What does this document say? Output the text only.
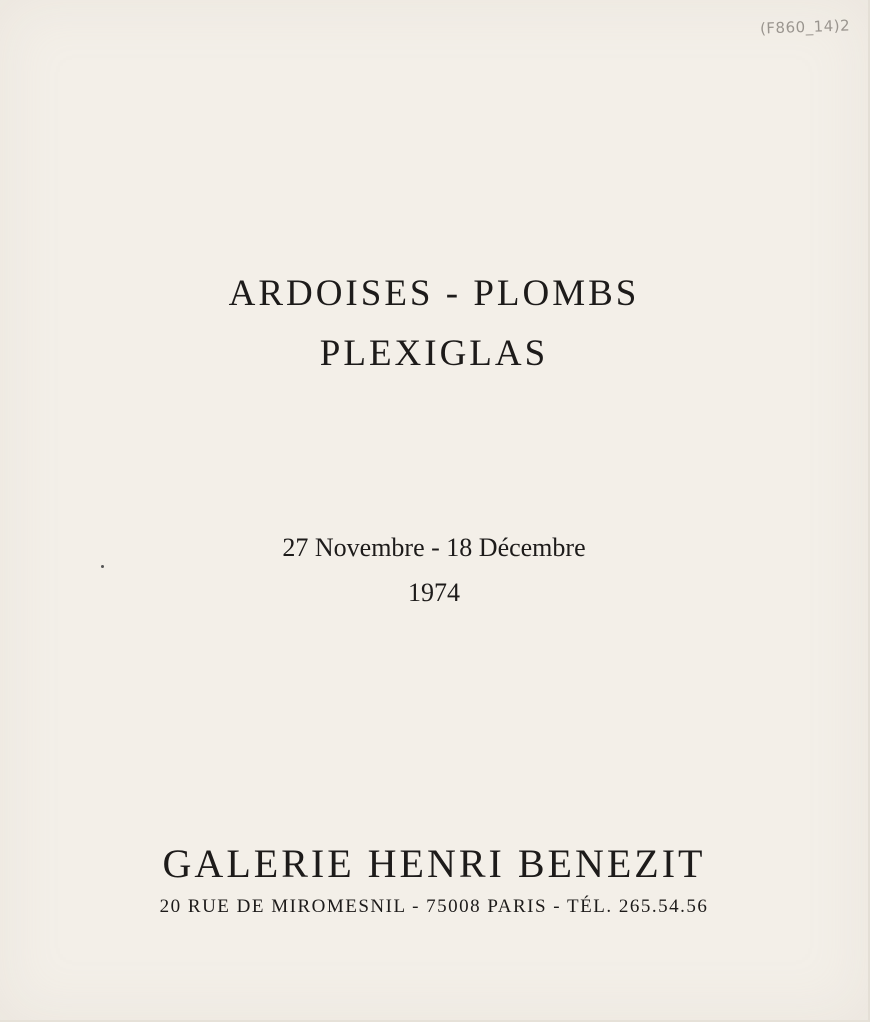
(F860_14)2
ARDOISES - PLOMBS
PLEXIGLAS
27 Novembre - 18 Décembre
1974
GALERIE HENRI BENEZIT
20 RUE DE MIROMESNIL - 75008 PARIS - TÉL. 265.54.56
